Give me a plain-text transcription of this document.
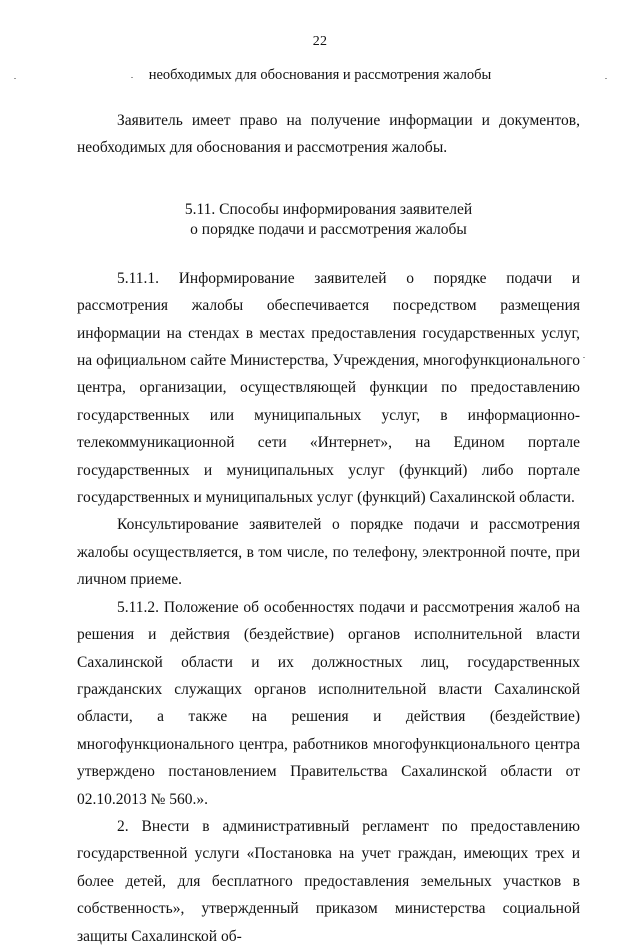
22
необходимых для обоснования и рассмотрения жалобы

Заявитель имеет право на получение информации и документов, необходимых для обоснования и рассмотрения жалобы.

5.11. Способы информирования заявителей
о порядке подачи и рассмотрения жалобы

5.11.1. Информирование заявителей о порядке подачи и рассмотрения жалобы обеспечивается посредством размещения информации на стендах в местах предоставления государственных услуг, на официальном сайте Министерства, Учреждения, многофункционального центра, организации, осуществляющей функции по предоставлению государственных или муниципальных услуг, в информационно-телекоммуникационной сети «Интернет», на Едином портале государственных и муниципальных услуг (функций) либо портале государственных и муниципальных услуг (функций) Сахалинской области.

Консультирование заявителей о порядке подачи и рассмотрения жалобы осуществляется, в том числе, по телефону, электронной почте, при личном приеме.

5.11.2. Положение об особенностях подачи и рассмотрения жалоб на решения и действия (бездействие) органов исполнительной власти Сахалинской области и их должностных лиц, государственных гражданских служащих органов исполнительной власти Сахалинской области, а также на решения и действия (бездействие) многофункционального центра, работников многофункционального центра утверждено постановлением Правительства Сахалинской области от 02.10.2013 № 560.».

2. Внести в административный регламент по предоставлению государственной услуги «Постановка на учет граждан, имеющих трех и более детей, для бесплатного предоставления земельных участков в собственность», утвержденный приказом министерства социальной защиты Сахалинской об-
